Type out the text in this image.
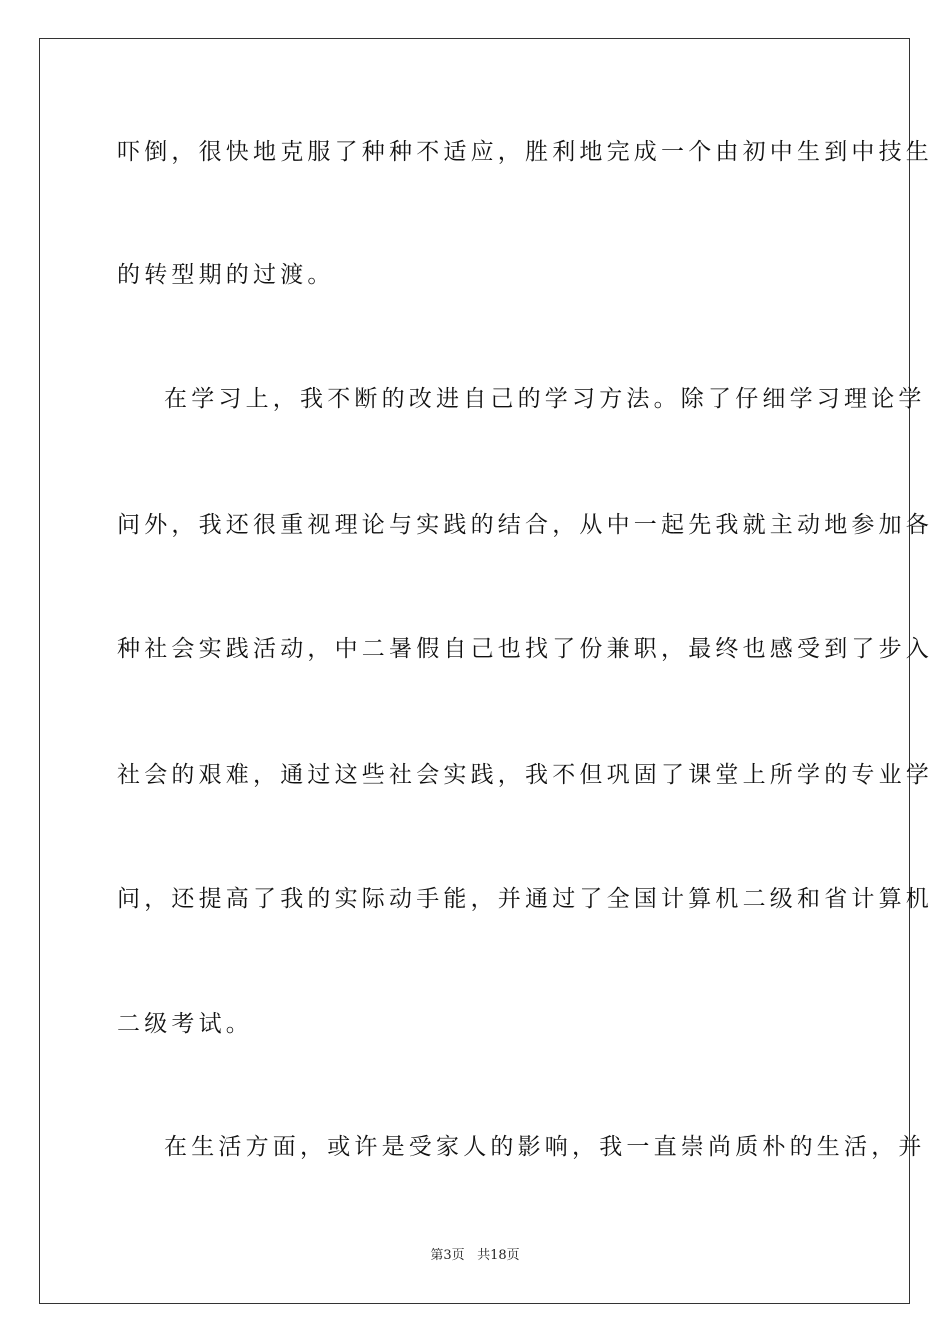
吓倒，很快地克服了种种不适应，胜利地完成一个由初中生到中技生
的转型期的过渡。
在学习上，我不断的改进自己的学习方法。除了仔细学习理论学
问外，我还很重视理论与实践的结合，从中一起先我就主动地参加各
种社会实践活动，中二暑假自己也找了份兼职，最终也感受到了步入
社会的艰难，通过这些社会实践，我不但巩固了课堂上所学的专业学
问，还提高了我的实际动手能，并通过了全国计算机二级和省计算机
二级考试。
在生活方面，或许是受家人的影响，我一直崇尚质朴的生活，并
第3页 共18页
